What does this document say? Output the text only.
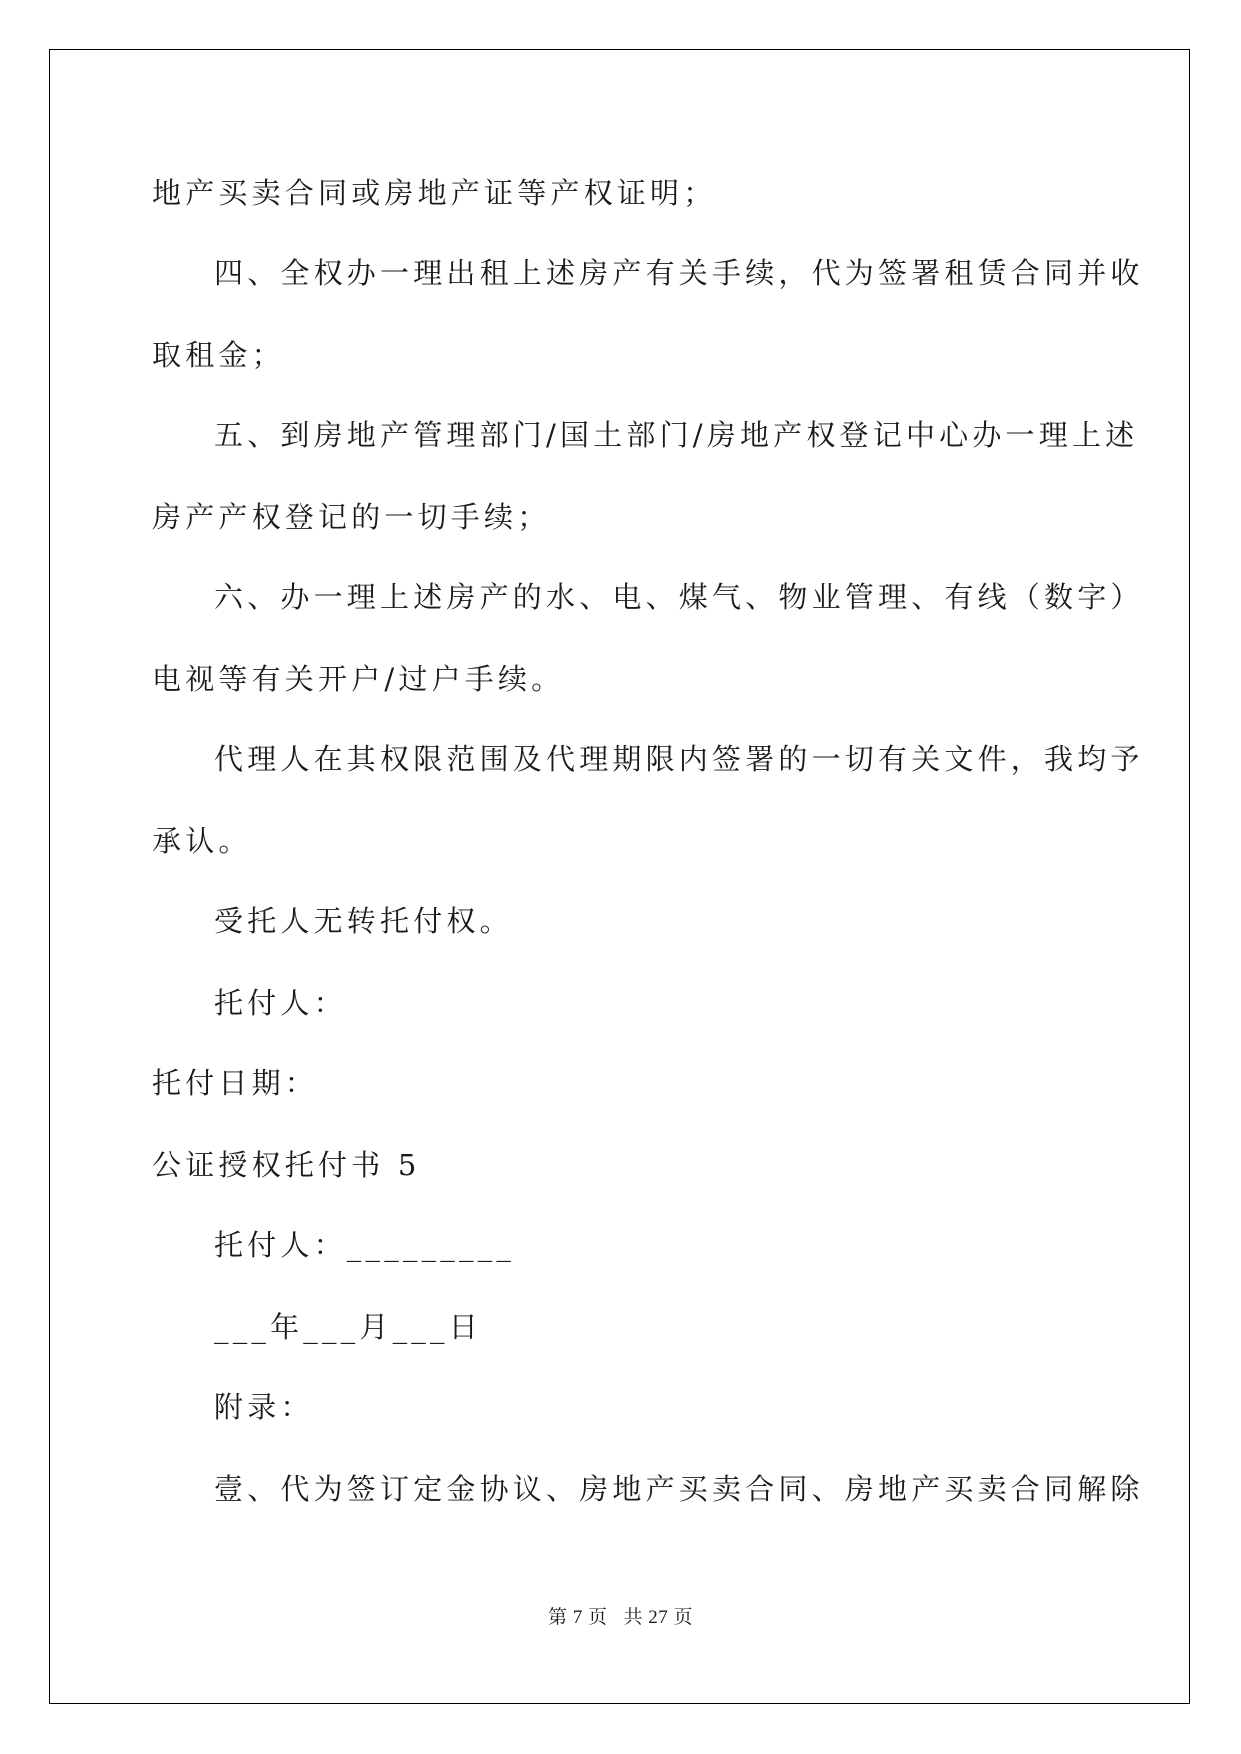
地产买卖合同或房地产证等产权证明；
四、全权办一理出租上述房产有关手续，代为签署租赁合同并收
取租金；
五、到房地产管理部门/国土部门/房地产权登记中心办一理上述
房产产权登记的一切手续；
六、办一理上述房产的水、电、煤气、物业管理、有线（数字）
电视等有关开户/过户手续。
代理人在其权限范围及代理期限内签署的一切有关文件，我均予
承认。
受托人无转托付权。
托付人：
托付日期：
公证授权托付书 5
托付人：_________
___年___月___日
附录：
壹、代为签订定金协议、房地产买卖合同、房地产买卖合同解除
第 7 页 共 27 页
